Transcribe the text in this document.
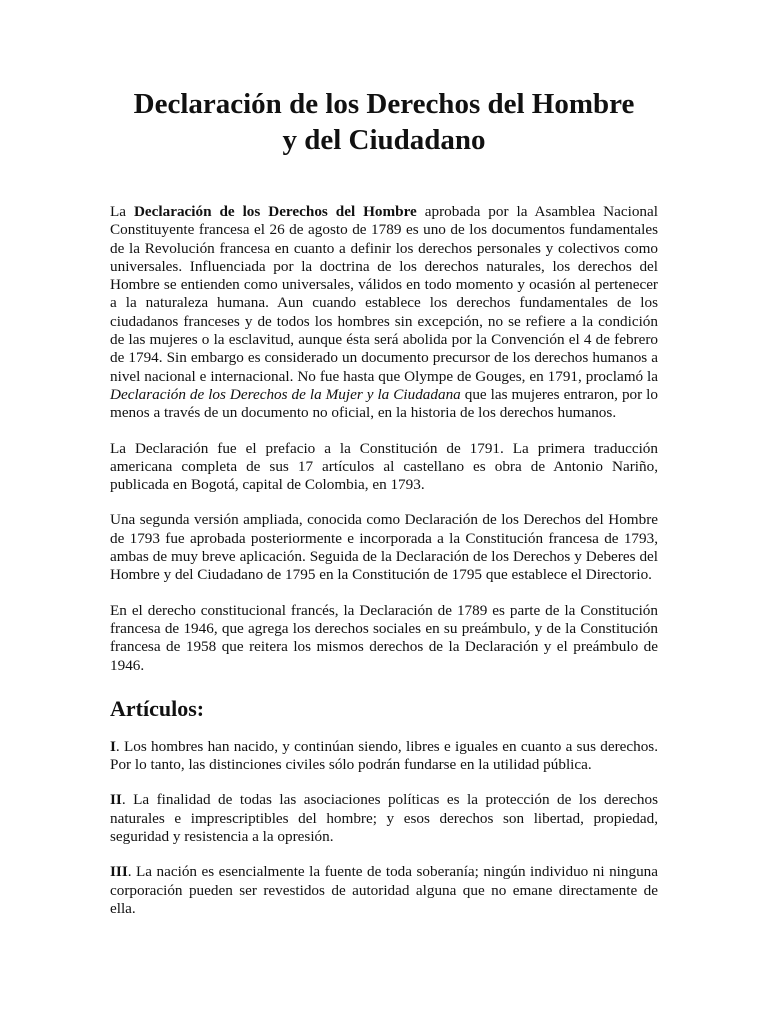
Declaración de los Derechos del Hombre
y del Ciudadano

La Declaración de los Derechos del Hombre aprobada por la Asamblea Nacional Constituyente francesa el 26 de agosto de 1789 es uno de los documentos fundamentales de la Revolución francesa en cuanto a definir los derechos personales y colectivos como universales. Influenciada por la doctrina de los derechos naturales, los derechos del Hombre se entienden como universales, válidos en todo momento y ocasión al pertenecer a la naturaleza humana. Aun cuando establece los derechos fundamentales de los ciudadanos franceses y de todos los hombres sin excepción, no se refiere a la condición de las mujeres o la esclavitud, aunque ésta será abolida por la Convención el 4 de febrero de 1794. Sin embargo es considerado un documento precursor de los derechos humanos a nivel nacional e internacional. No fue hasta que Olympe de Gouges, en 1791, proclamó la Declaración de los Derechos de la Mujer y la Ciudadana que las mujeres entraron, por lo menos a través de un documento no oficial, en la historia de los derechos humanos.

La Declaración fue el prefacio a la Constitución de 1791. La primera traducción americana completa de sus 17 artículos al castellano es obra de Antonio Nariño, publicada en Bogotá, capital de Colombia, en 1793.

Una segunda versión ampliada, conocida como Declaración de los Derechos del Hombre de 1793 fue aprobada posteriormente e incorporada a la Constitución francesa de 1793, ambas de muy breve aplicación. Seguida de la Declaración de los Derechos y Deberes del Hombre y del Ciudadano de 1795 en la Constitución de 1795 que establece el Directorio.

En el derecho constitucional francés, la Declaración de 1789 es parte de la Constitución francesa de 1946, que agrega los derechos sociales en su preámbulo, y de la Constitución francesa de 1958 que reitera los mismos derechos de la Declaración y el preámbulo de 1946.

Artículos:

I. Los hombres han nacido, y continúan siendo, libres e iguales en cuanto a sus derechos. Por lo tanto, las distinciones civiles sólo podrán fundarse en la utilidad pública.

II. La finalidad de todas las asociaciones políticas es la protección de los derechos naturales e imprescriptibles del hombre; y esos derechos son libertad, propiedad, seguridad y resistencia a la opresión.

III. La nación es esencialmente la fuente de toda soberanía; ningún individuo ni ninguna corporación pueden ser revestidos de autoridad alguna que no emane directamente de ella.
